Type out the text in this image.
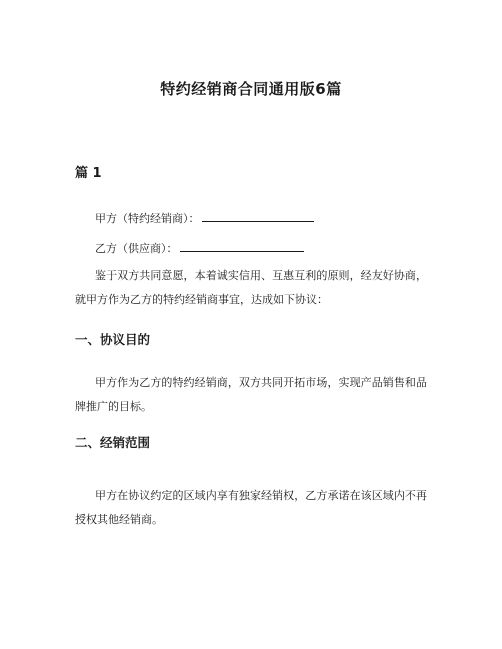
特约经销商合同通用版6篇
篇 1
甲方（特约经销商）：
乙方（供应商）：

鉴于双方共同意愿，本着诚实信用、互惠互利的原则，经友好协商，就甲方作为乙方的特约经销商事宜，达成如下协议：

一、协议目的

甲方作为乙方的特约经销商，双方共同开拓市场，实现产品销售和品牌推广的目标。

二、经销范围

甲方在协议约定的区域内享有独家经销权，乙方承诺在该区域内不再授权其他经销商。
